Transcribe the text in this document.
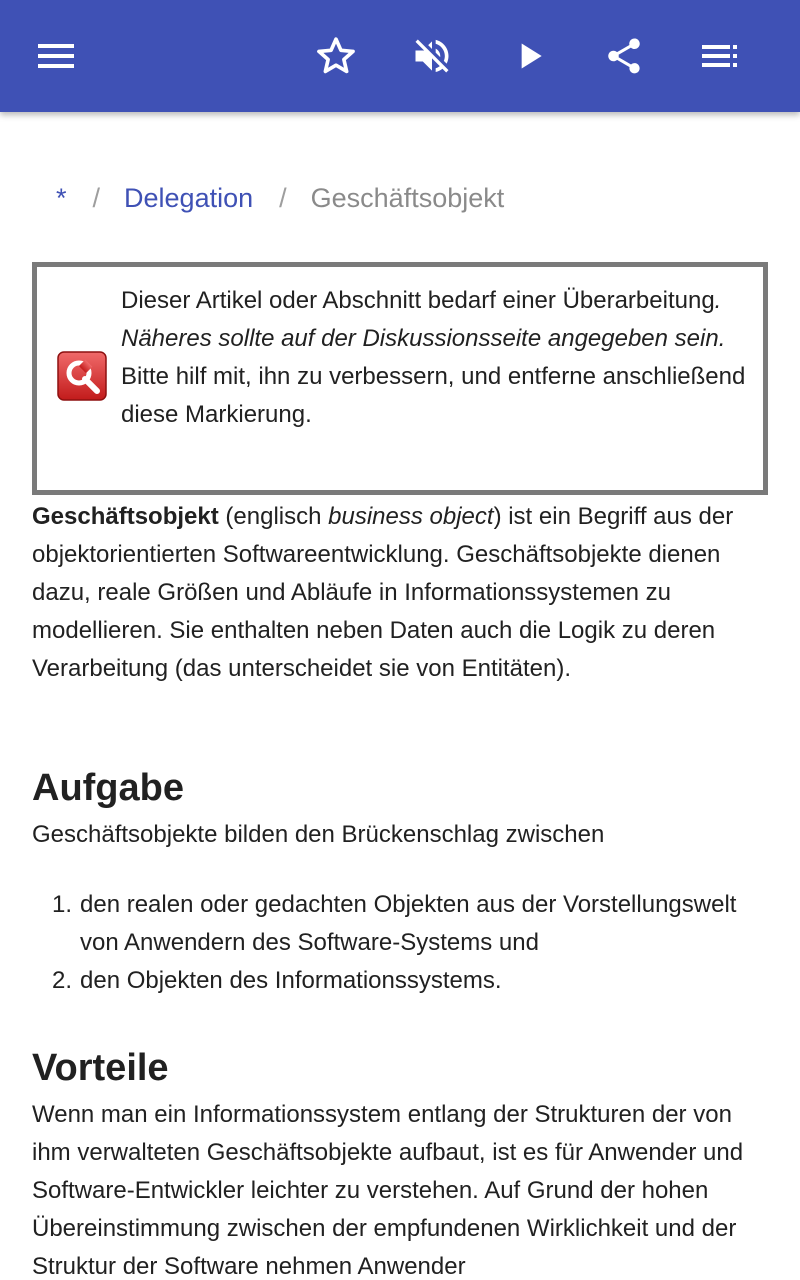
* / Delegation / Geschäftsobjekt
Dieser Artikel oder Abschnitt bedarf einer Überarbeitung. Näheres sollte auf der Diskussionsseite angegeben sein. Bitte hilf mit, ihn zu verbessern, und entferne anschließend diese Markierung.
Geschäftsobjekt (englisch business object) ist ein Begriff aus der objektorientierten Softwareentwicklung. Geschäftsobjekte dienen dazu, reale Größen und Abläufe in Informationssystemen zu modellieren. Sie enthalten neben Daten auch die Logik zu deren Verarbeitung (das unterscheidet sie von Entitäten).
Aufgabe
Geschäftsobjekte bilden den Brückenschlag zwischen
1. den realen oder gedachten Objekten aus der Vorstellungswelt von Anwendern des Software-Systems und
2. den Objekten des Informationssystems.
Vorteile
Wenn man ein Informationssystem entlang der Strukturen der von ihm verwalteten Geschäftsobjekte aufbaut, ist es für Anwender und Software-Entwickler leichter zu verstehen. Auf Grund der hohen Übereinstimmung zwischen der empfundenen Wirklichkeit und der Struktur der Software nehmen Anwender
